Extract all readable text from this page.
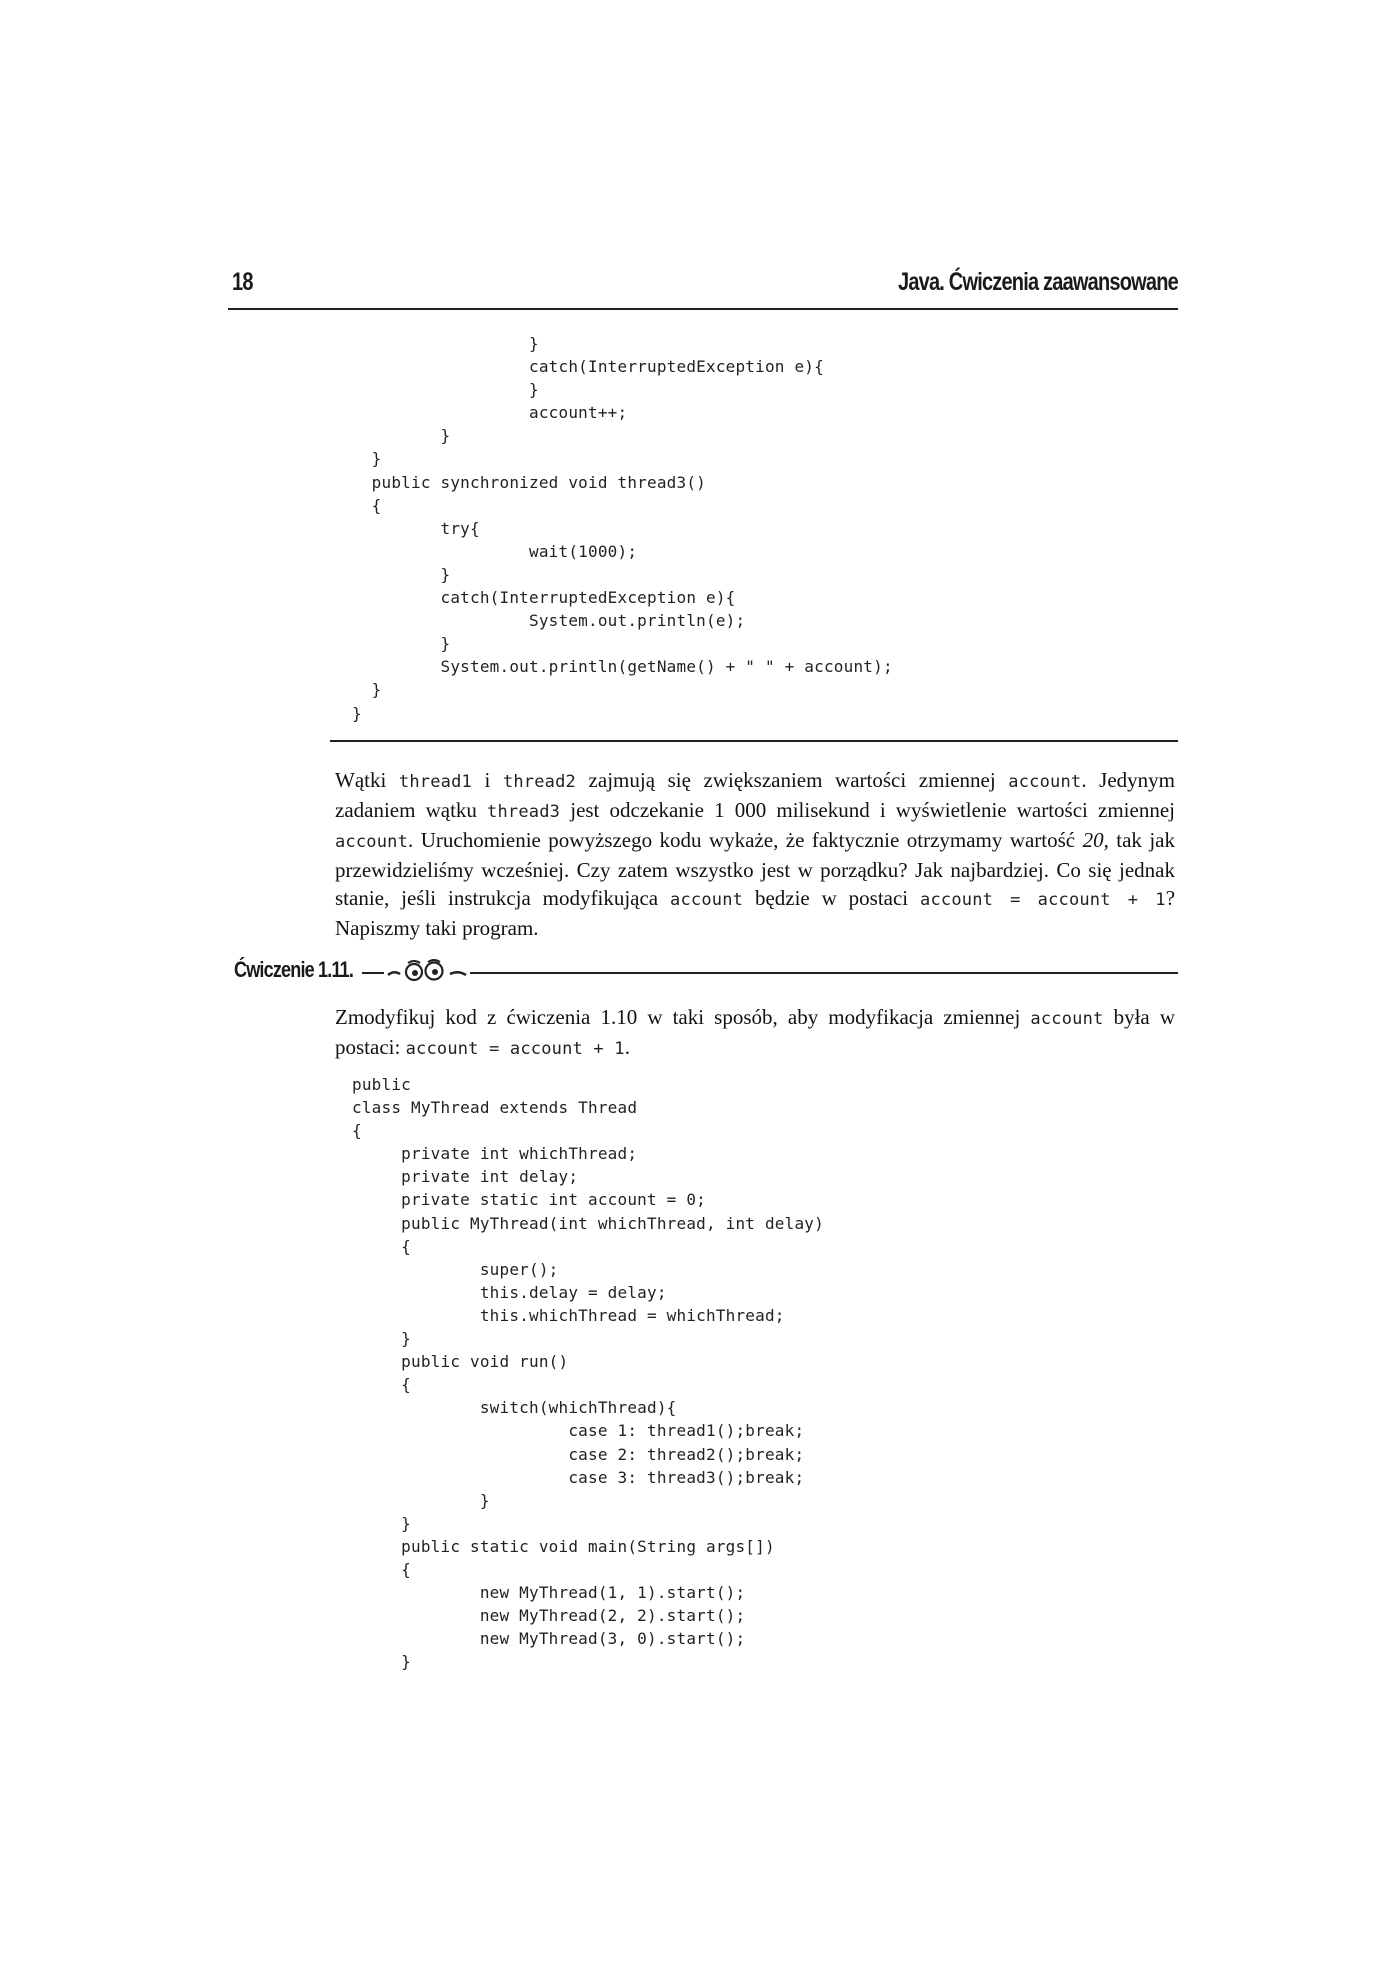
18	Java. Ćwiczenia zaawansowane
}
catch(InterruptedException e){
}
account++;
}
}
public synchronized void thread3()
{
try{
wait(1000);
}
catch(InterruptedException e){
System.out.println(e);
}
System.out.println(getName() + " " + account);
}
}

Wątki thread1 i thread2 zajmują się zwiększaniem wartości zmiennej account. Jedynym zadaniem wątku thread3 jest odczekanie 1 000 milisekund i wyświetlenie wartości zmiennej account. Uruchomienie powyższego kodu wykaże, że faktycznie otrzymamy wartość 20, tak jak przewidzieliśmy wcześniej. Czy zatem wszystko jest w porządku? Jak najbardziej. Co się jednak stanie, jeśli instrukcja modyfikująca account będzie w postaci account = account + 1? Napiszmy taki program.

Ćwiczenie 1.11.

Zmodyfikuj kod z ćwiczenia 1.10 w taki sposób, aby modyfikacja zmiennej account była w postaci: account = account + 1.

public
class MyThread extends Thread
{
private int whichThread;
private int delay;
private static int account = 0;
public MyThread(int whichThread, int delay)
{
super();
this.delay = delay;
this.whichThread = whichThread;
}
public void run()
{
switch(whichThread){
case 1: thread1();break;
case 2: thread2();break;
case 3: thread3();break;
}
}
public static void main(String args[])
{
new MyThread(1, 1).start();
new MyThread(2, 2).start();
new MyThread(3, 0).start();
}
